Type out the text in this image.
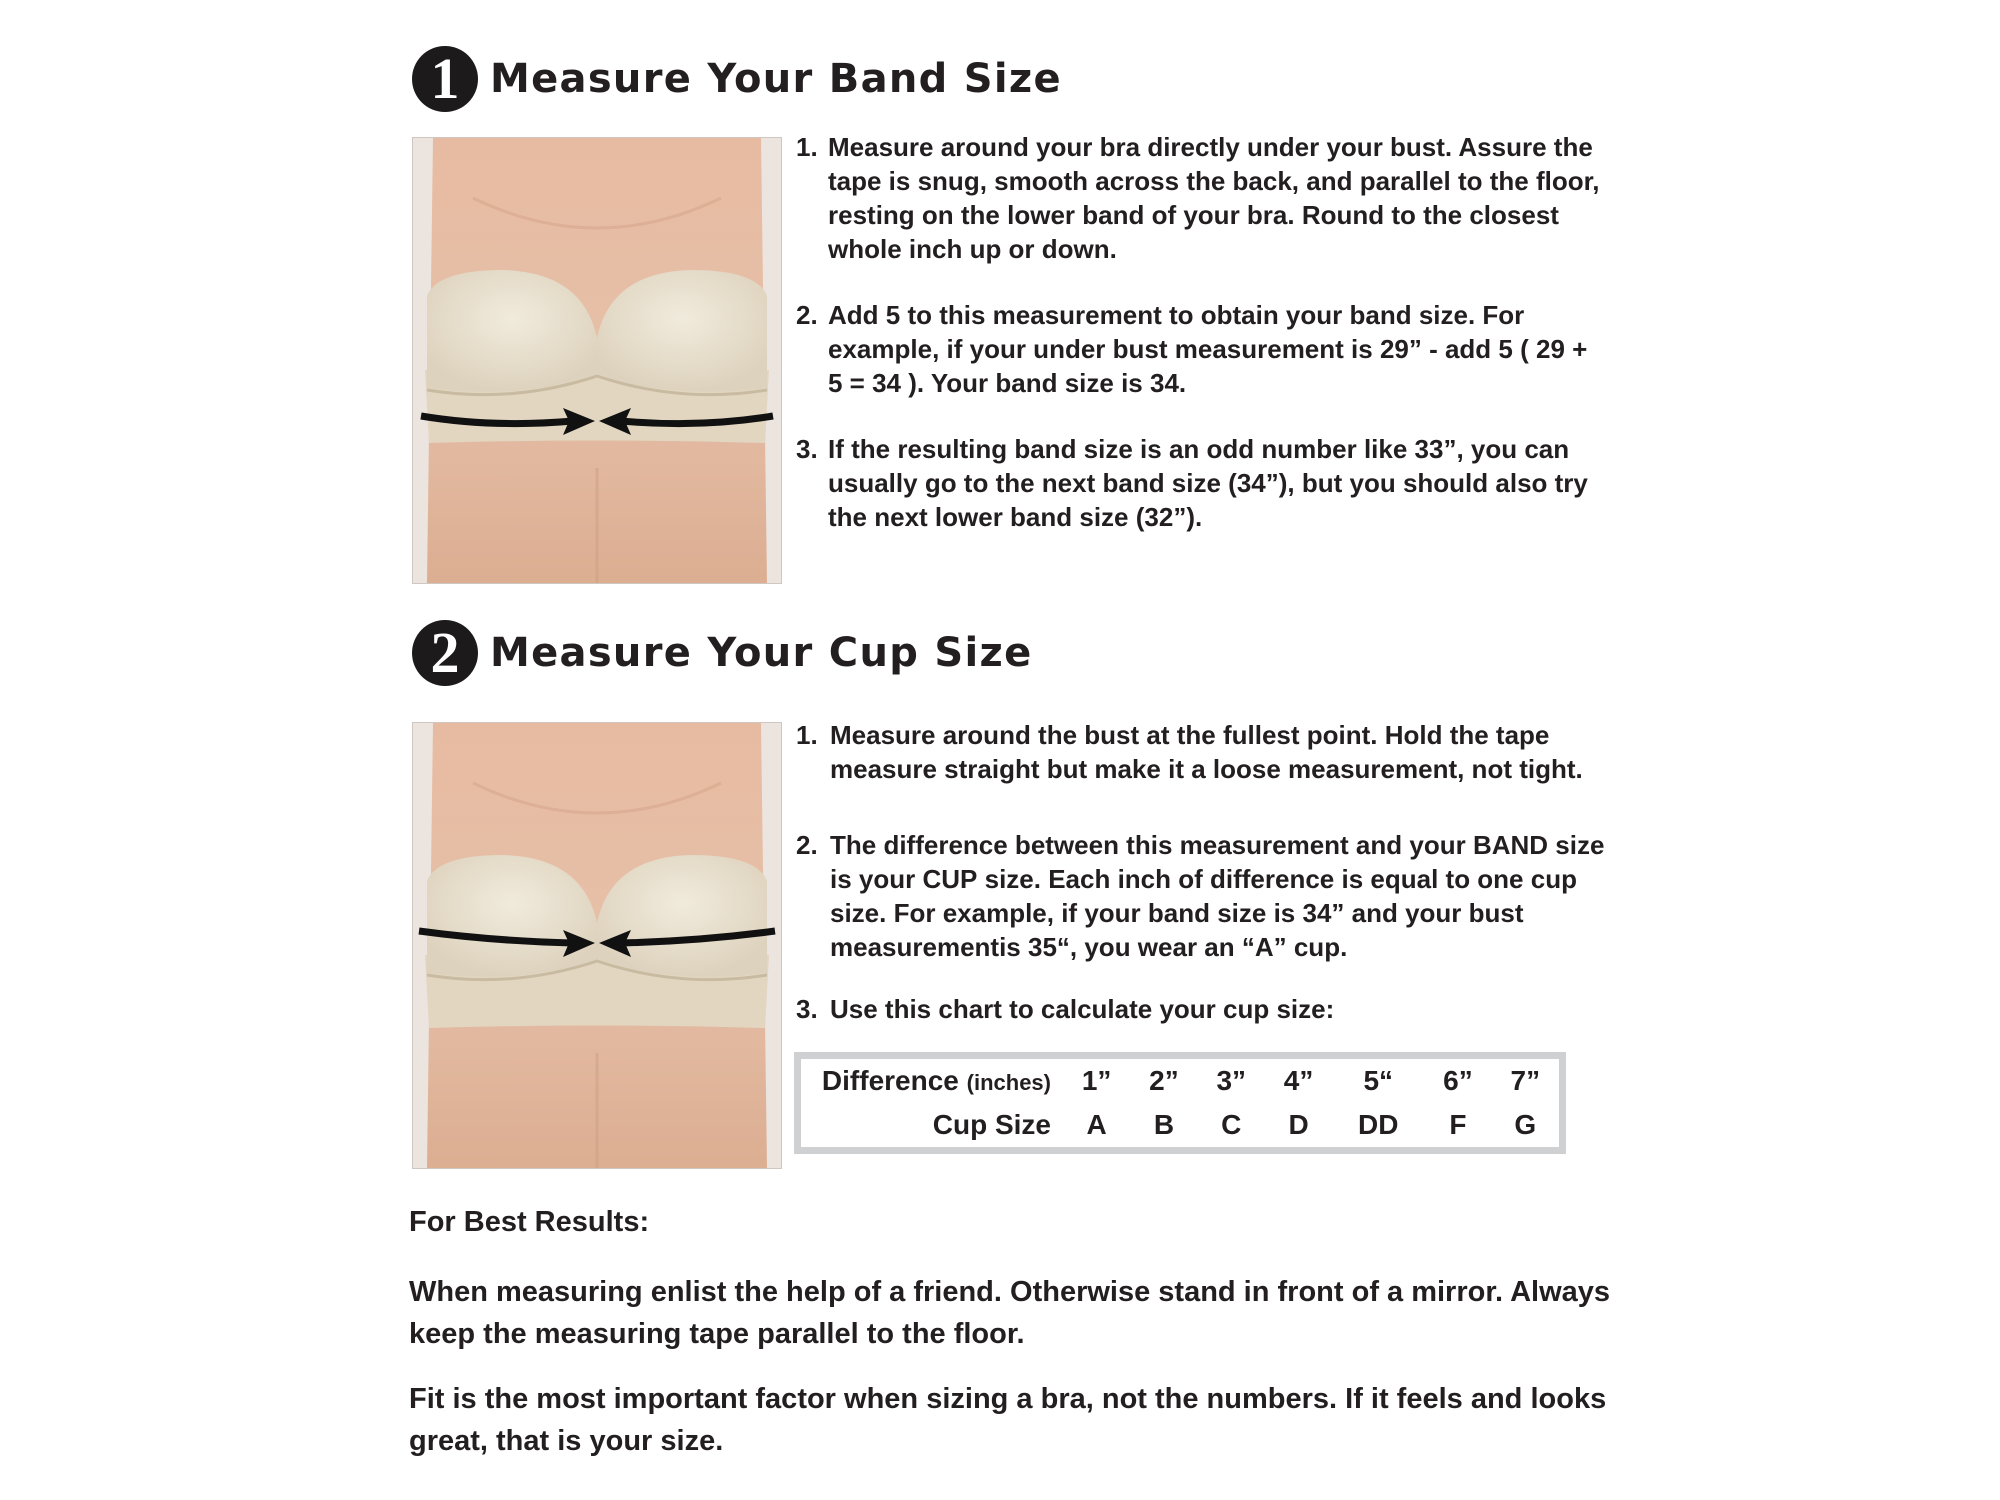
1 Measure Your Band Size
1. Measure around your bra directly under your bust. Assure the tape is snug, smooth across the back, and parallel to the floor, resting on the lower band of your bra. Round to the closest whole inch up or down.
2. Add 5 to this measurement to obtain your band size. For example, if your under bust measurement is 29” - add 5 ( 29 + 5 = 34 ). Your band size is 34.
3. If the resulting band size is an odd number like 33”, you can usually go to the next band size (34”), but you should also try the next lower band size (32”).
2 Measure Your Cup Size
1. Measure around the bust at the fullest point. Hold the tape measure straight but make it a loose measurement, not tight.
2. The difference between this measurement and your BAND size is your CUP size. Each inch of difference is equal to one cup size. For example, if your band size is 34” and your bust measurementis 35“, you wear an “A” cup.
3. Use this chart to calculate your cup size:
Difference (inches)	1”	2”	3”	4”	5“	6”	7”
Cup Size	A	B	C	D	DD	F	G
For Best Results:
When measuring enlist the help of a friend. Otherwise stand in front of a mirror. Always keep the measuring tape parallel to the floor.
Fit is the most important factor when sizing a bra, not the numbers. If it feels and looks great, that is your size.
